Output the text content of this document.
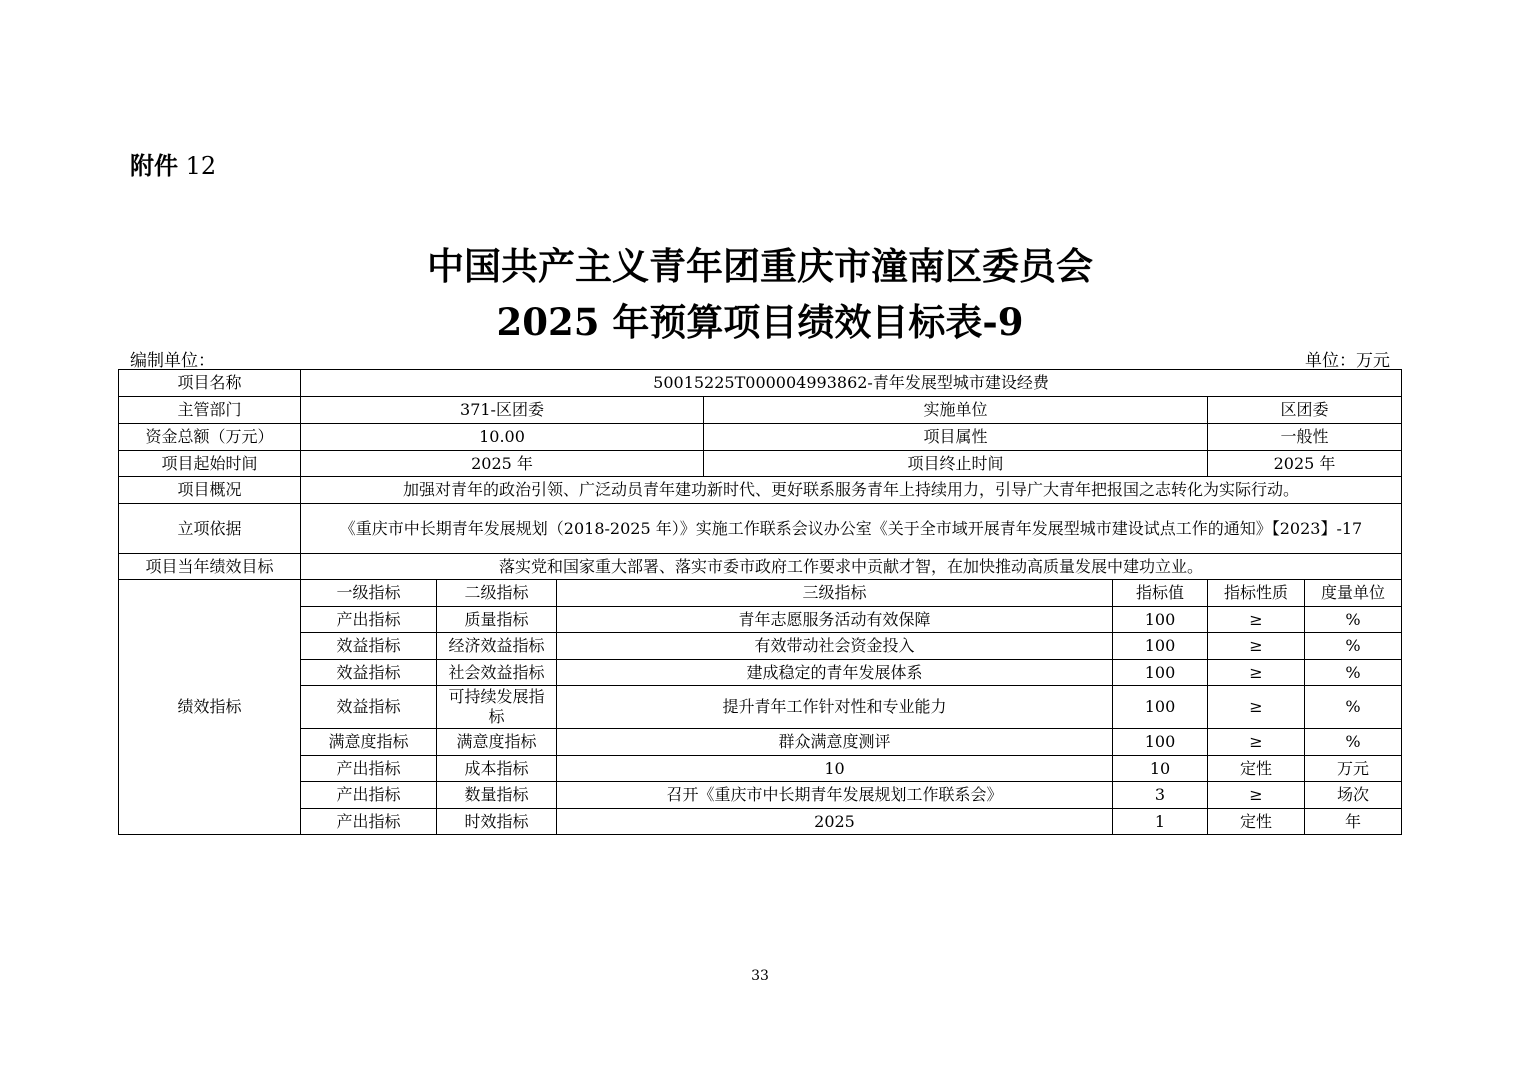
附件 12
中国共产主义青年团重庆市潼南区委员会
2025 年预算项目绩效目标表-9
编制单位：	单位：万元
项目名称	50015225T000004993862-青年发展型城市建设经费						
主管部门	371-区团委			实施单位		区团委	
资金总额（万元）	10.00			项目属性		一般性	
项目起始时间	2025 年			项目终止时间		2025 年	
项目概况	加强对青年的政治引领、广泛动员青年建功新时代、更好联系服务青年上持续用力，引导广大青年把报国之志转化为实际行动。						
立项依据	《重庆市中长期青年发展规划（2018-2025 年）》实施工作联系会议办公室《关于全市域开展青年发展型城市建设试点工作的通知》【2023】-17						
项目当年绩效目标	落实党和国家重大部署、落实市委市政府工作要求中贡献才智，在加快推动高质量发展中建功立业。						
绩效指标	一级指标	二级指标	三级指标		指标值	指标性质	度量单位
	产出指标	质量指标	青年志愿服务活动有效保障		100	≥	%
	效益指标	经济效益指标	有效带动社会资金投入		100	≥	%
	效益指标	社会效益指标	建成稳定的青年发展体系		100	≥	%
	效益指标	可持续发展指标	提升青年工作针对性和专业能力		100	≥	%
	满意度指标	满意度指标	群众满意度测评		100	≥	%
	产出指标	成本指标	10		10	定性	万元
	产出指标	数量指标	召开《重庆市中长期青年发展规划工作联系会》		3	≥	场次
	产出指标	时效指标	2025		1	定性	年
33
